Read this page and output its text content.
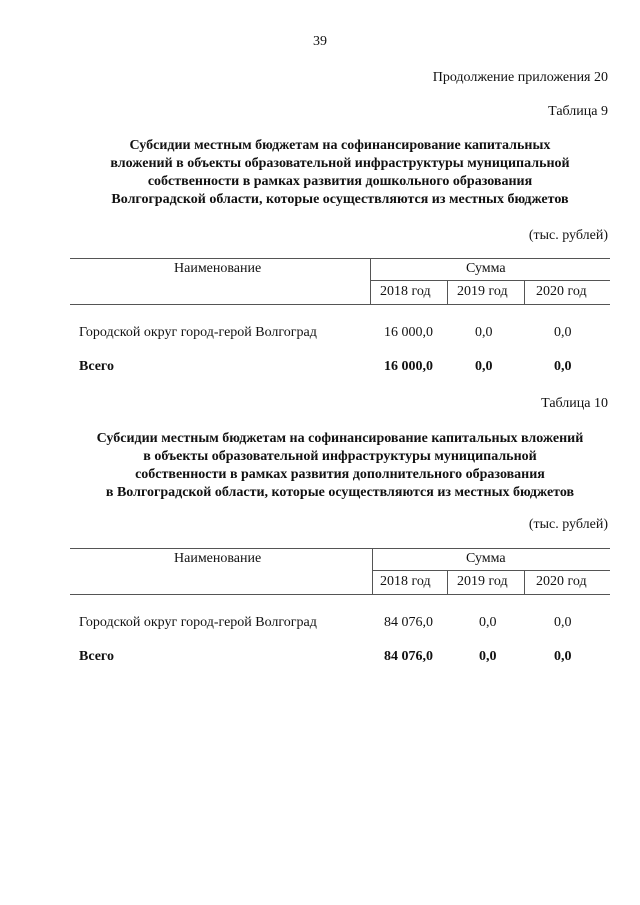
39
Продолжение приложения 20
Таблица 9
Субсидии местным бюджетам на софинансирование капитальных
вложений в объекты образовательной инфраструктуры муниципальной
собственности в рамках развития дошкольного образования
Волгоградской области, которые осуществляются из местных бюджетов
(тыс. рублей)
Наименование	Сумма
2018 год 2019 год 2020 год
Городской округ город-герой Волгоград	16 000,0	0,0	0,0
Всего	16 000,0	0,0	0,0
Таблица 10
Субсидии местным бюджетам на софинансирование капитальных вложений
в объекты образовательной инфраструктуры муниципальной
собственности в рамках развития дополнительного образования
в Волгоградской области, которые осуществляются из местных бюджетов
(тыс. рублей)
Наименование	Сумма
2018 год 2019 год 2020 год
Городской округ город-герой Волгоград	84 076,0	0,0	0,0
Всего	84 076,0	0,0	0,0
